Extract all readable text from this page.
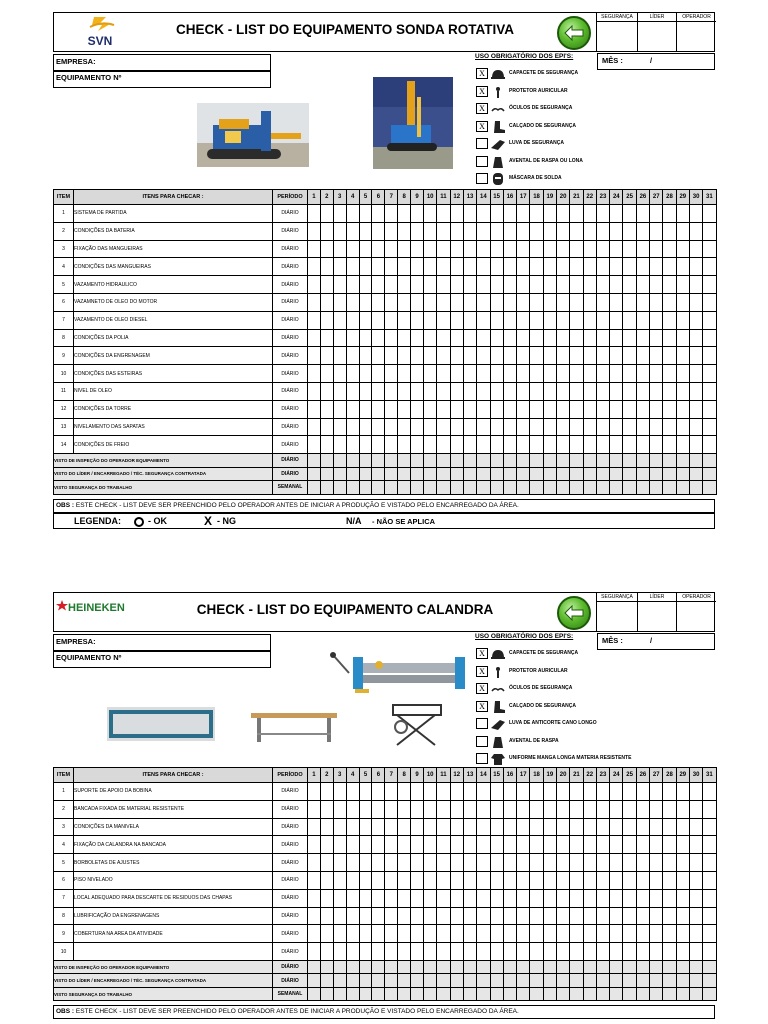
SVN
CHECK - LIST DO EQUIPAMENTO SONDA ROTATIVA
SEGURANÇA	LÍDER	OPERADOR
EMPRESA:
EQUIPAMENTO Nº
USO OBRIGATÓRIO DOS EPI'S:	MÊS :	/
X	CAPACETE DE SEGURANÇA
X	PROTETOR AURICULAR
X	ÓCULOS DE SEGURANÇA
X	CALÇADO DE SEGURANÇA
LUVA DE SEGURANÇA
AVENTAL DE RASPA OU LONA
MÁSCARA DE SOLDA
ITEM	ITENS PARA CHECAR :	PERÍODO	1	2	3	4	5	6	7	8	9	10	11	12	13	14	15	16	17	18	19	20	21	22	23	24	25	26	27	28	29	30	31
1	SISTEMA DE PARTIDA	DIÁRIO																															
2	CONDIÇÕES DA BATERIA	DIÁRIO																															
3	FIXAÇÃO DAS MANGUEIRAS	DIÁRIO																															
4	CONDIÇÕES DAS MANGUEIRAS	DIÁRIO																															
5	VAZAMENTO HIDRAULICO	DIÁRIO																															
6	VAZAMNETO DE OLEO DO MOTOR	DIÁRIO																															
7	VAZAMENTO DE OLEO DIESEL	DIÁRIO																															
8	CONDIÇÕES DA POLIA	DIÁRIO																															
9	CONDIÇÕES DA ENGRENAGEM	DIÁRIO																															
10	CONDIÇÕES DAS ESTEIRAS	DIÁRIO																															
11	NIVEL DE OLEO	DIÁRIO																															
12	CONDIÇÕES DA TORRE	DIÁRIO																															
13	NIVELAMENTO DAS SAPATAS	DIÁRIO																															
14	CONDIÇÕES DE FREIO	DIÁRIO																															
VISTO DE INSPEÇÃO DO OPERADOR EQUIPAMENTO		DIÁRIO																															
VISTO DO LÍDER / ENCARREGADO / TÉC. SEGURANÇA CONTRATADA		DIÁRIO																															
VISTO SEGURANÇA DO TRABALHO		SEMANAL																															
OBS : ESTE CHECK - LIST DEVE SER PREENCHIDO PELO OPERADOR ANTES DE INICIAR A PRODUÇÃO E VISTADO PELO ENCARREGADO DA ÁREA.
LEGENDA:	- OK	X - NG	N/A - NÃO SE APLICA
HEINEKEN	CHECK - LIST DO EQUIPAMENTO CALANDRA
SEGURANÇA	LÍDER	OPERADOR
EMPRESA:
EQUIPAMENTO Nº
USO OBRIGATÓRIO DOS EPI'S:	MÊS :	/
X	CAPACETE DE SEGURANÇA
X	PROTETOR AURICULAR
X	ÓCULOS DE SEGURANÇA
X	CALÇADO DE SEGURANÇA
LUVA DE ANTICORTE CANO LONGO
AVENTAL DE RASPA
UNIFORME MANGA LONGA MATERIA RESISTENTE
ITEM	ITENS PARA CHECAR :	PERÍODO	1	2	3	4	5	6	7	8	9	10	11	12	13	14	15	16	17	18	19	20	21	22	23	24	25	26	27	28	29	30	31
1	SUPORTE DE APOIO DA BOBINA	DIÁRIO																															
2	BANCADA FIXADA DE MATERIAL RESISTENTE	DIÁRIO																															
3	CONDIÇÕES DA MANIVELA	DIÁRIO																															
4	FIXAÇÃO DA CALANDRA NA BANCADA	DIÁRIO																															
5	BORBOLETAS DE AJUSTES	DIÁRIO																															
6	PISO NIVELADO	DIÁRIO																															
7	LOCAL ADEQUADO PARA DESCARTE DE RESIDUOS DAS CHAPAS	DIÁRIO																															
8	LUBRIFICAÇÃO DA ENGRENAGENS	DIÁRIO																															
9	COBERTURA NA AREA DA ATIVIDADE	DIÁRIO																															
10		DIÁRIO																															
VISTO DE INSPEÇÃO DO OPERADOR EQUIPAMENTO		DIÁRIO																															
VISTO DO LÍDER / ENCARREGADO / TÉC. SEGURANÇA CONTRATADA		DIÁRIO																															
VISTO SEGURANÇA DO TRABALHO		SEMANAL																															
OBS : ESTE CHECK - LIST DEVE SER PREENCHIDO PELO OPERADOR ANTES DE INICIAR A PRODUÇÃO E VISTADO PELO ENCARREGADO DA ÁREA.
